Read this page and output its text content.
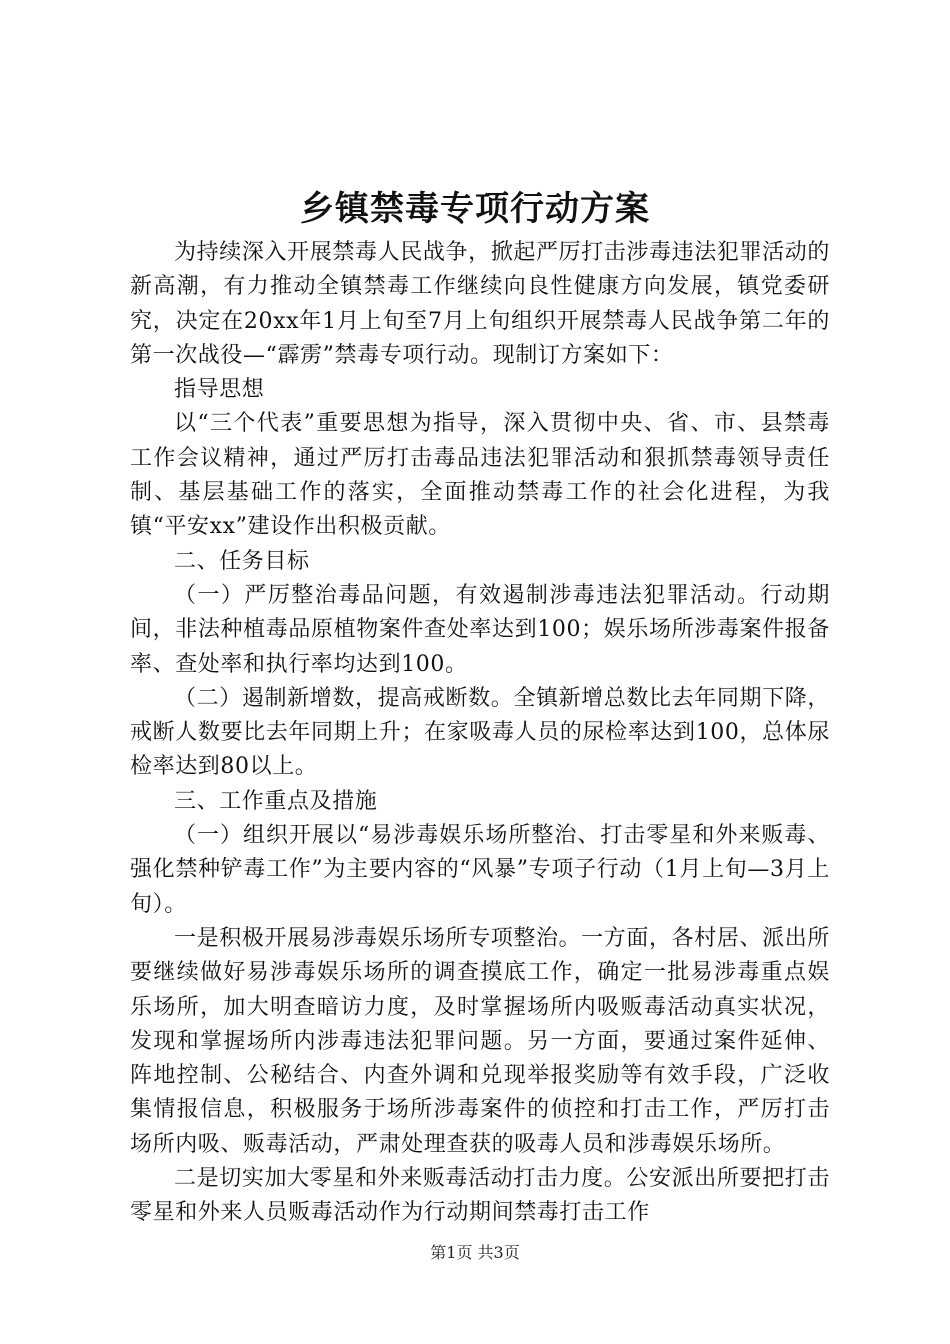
乡镇禁毒专项行动方案

为持续深入开展禁毒人民战争，掀起严厉打击涉毒违法犯罪活动的新高潮，有力推动全镇禁毒工作继续向良性健康方向发展，镇党委研究，决定在20xx年1月上旬至7月上旬组织开展禁毒人民战争第二年的第一次战役—“霹雳”禁毒专项行动。现制订方案如下：

指导思想

以“三个代表”重要思想为指导，深入贯彻中央、省、市、县禁毒工作会议精神，通过严厉打击毒品违法犯罪活动和狠抓禁毒领导责任制、基层基础工作的落实，全面推动禁毒工作的社会化进程，为我镇“平安xx”建设作出积极贡献。

二、任务目标

（一）严厉整治毒品问题，有效遏制涉毒违法犯罪活动。行动期间，非法种植毒品原植物案件查处率达到100；娱乐场所涉毒案件报备率、查处率和执行率均达到100。

（二）遏制新增数，提高戒断数。全镇新增总数比去年同期下降，戒断人数要比去年同期上升；在家吸毒人员的尿检率达到100，总体尿检率达到80以上。

三、工作重点及措施

（一）组织开展以“易涉毒娱乐场所整治、打击零星和外来贩毒、强化禁种铲毒工作”为主要内容的“风暴”专项子行动（1月上旬—3月上旬）。

一是积极开展易涉毒娱乐场所专项整治。一方面，各村居、派出所要继续做好易涉毒娱乐场所的调查摸底工作，确定一批易涉毒重点娱乐场所，加大明查暗访力度，及时掌握场所内吸贩毒活动真实状况，发现和掌握场所内涉毒违法犯罪问题。另一方面，要通过案件延伸、阵地控制、公秘结合、内查外调和兑现举报奖励等有效手段，广泛收集情报信息，积极服务于场所涉毒案件的侦控和打击工作，严厉打击场所内吸、贩毒活动，严肃处理查获的吸毒人员和涉毒娱乐场所。

二是切实加大零星和外来贩毒活动打击力度。公安派出所要把打击零星和外来人员贩毒活动作为行动期间禁毒打击工作

第1页 共3页
